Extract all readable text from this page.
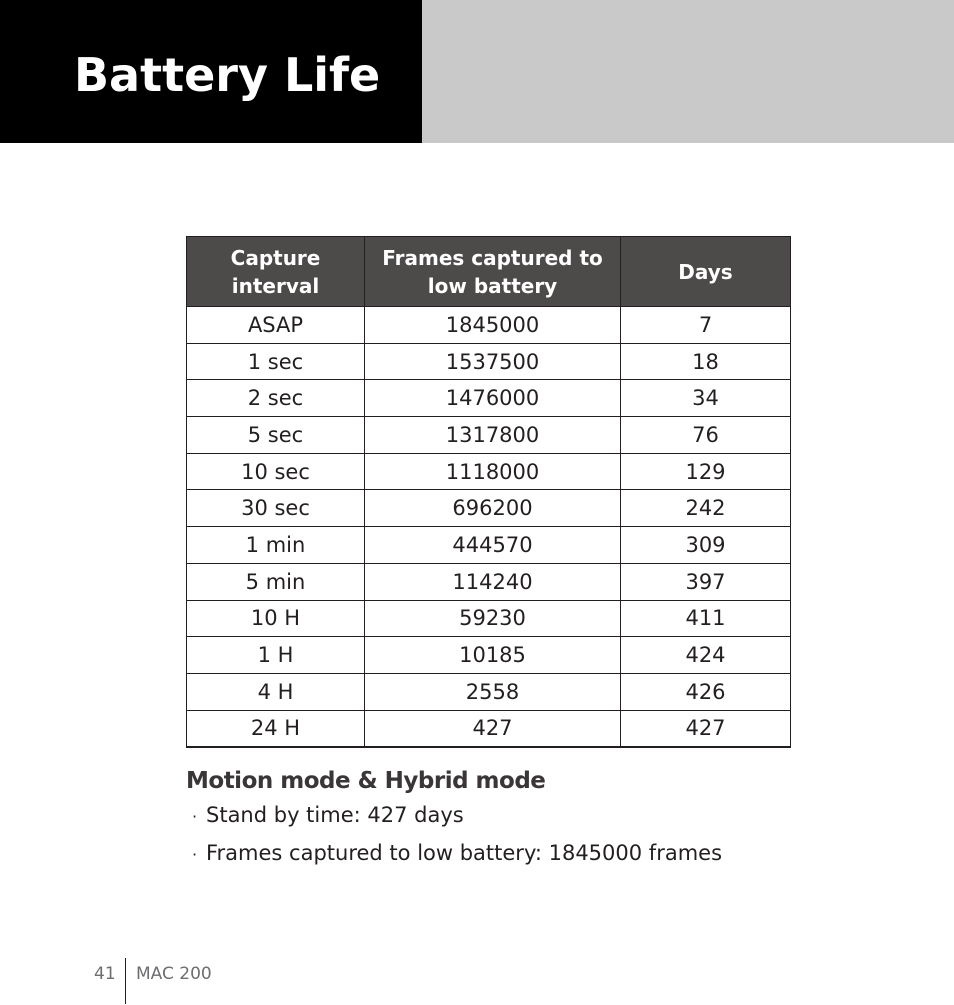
Battery Life
Capture interval	Frames captured to low battery	Days
ASAP	1845000	7
1 sec	1537500	18
2 sec	1476000	34
5 sec	1317800	76
10 sec	1118000	129
30 sec	696200	242
1 min	444570	309
5 min	114240	397
10 H	59230	411
1 H	10185	424
4 H	2558	426
24 H	427	427
Motion mode & Hybrid mode
· Stand by time: 427 days
· Frames captured to low battery: 1845000 frames
41 MAC 200
